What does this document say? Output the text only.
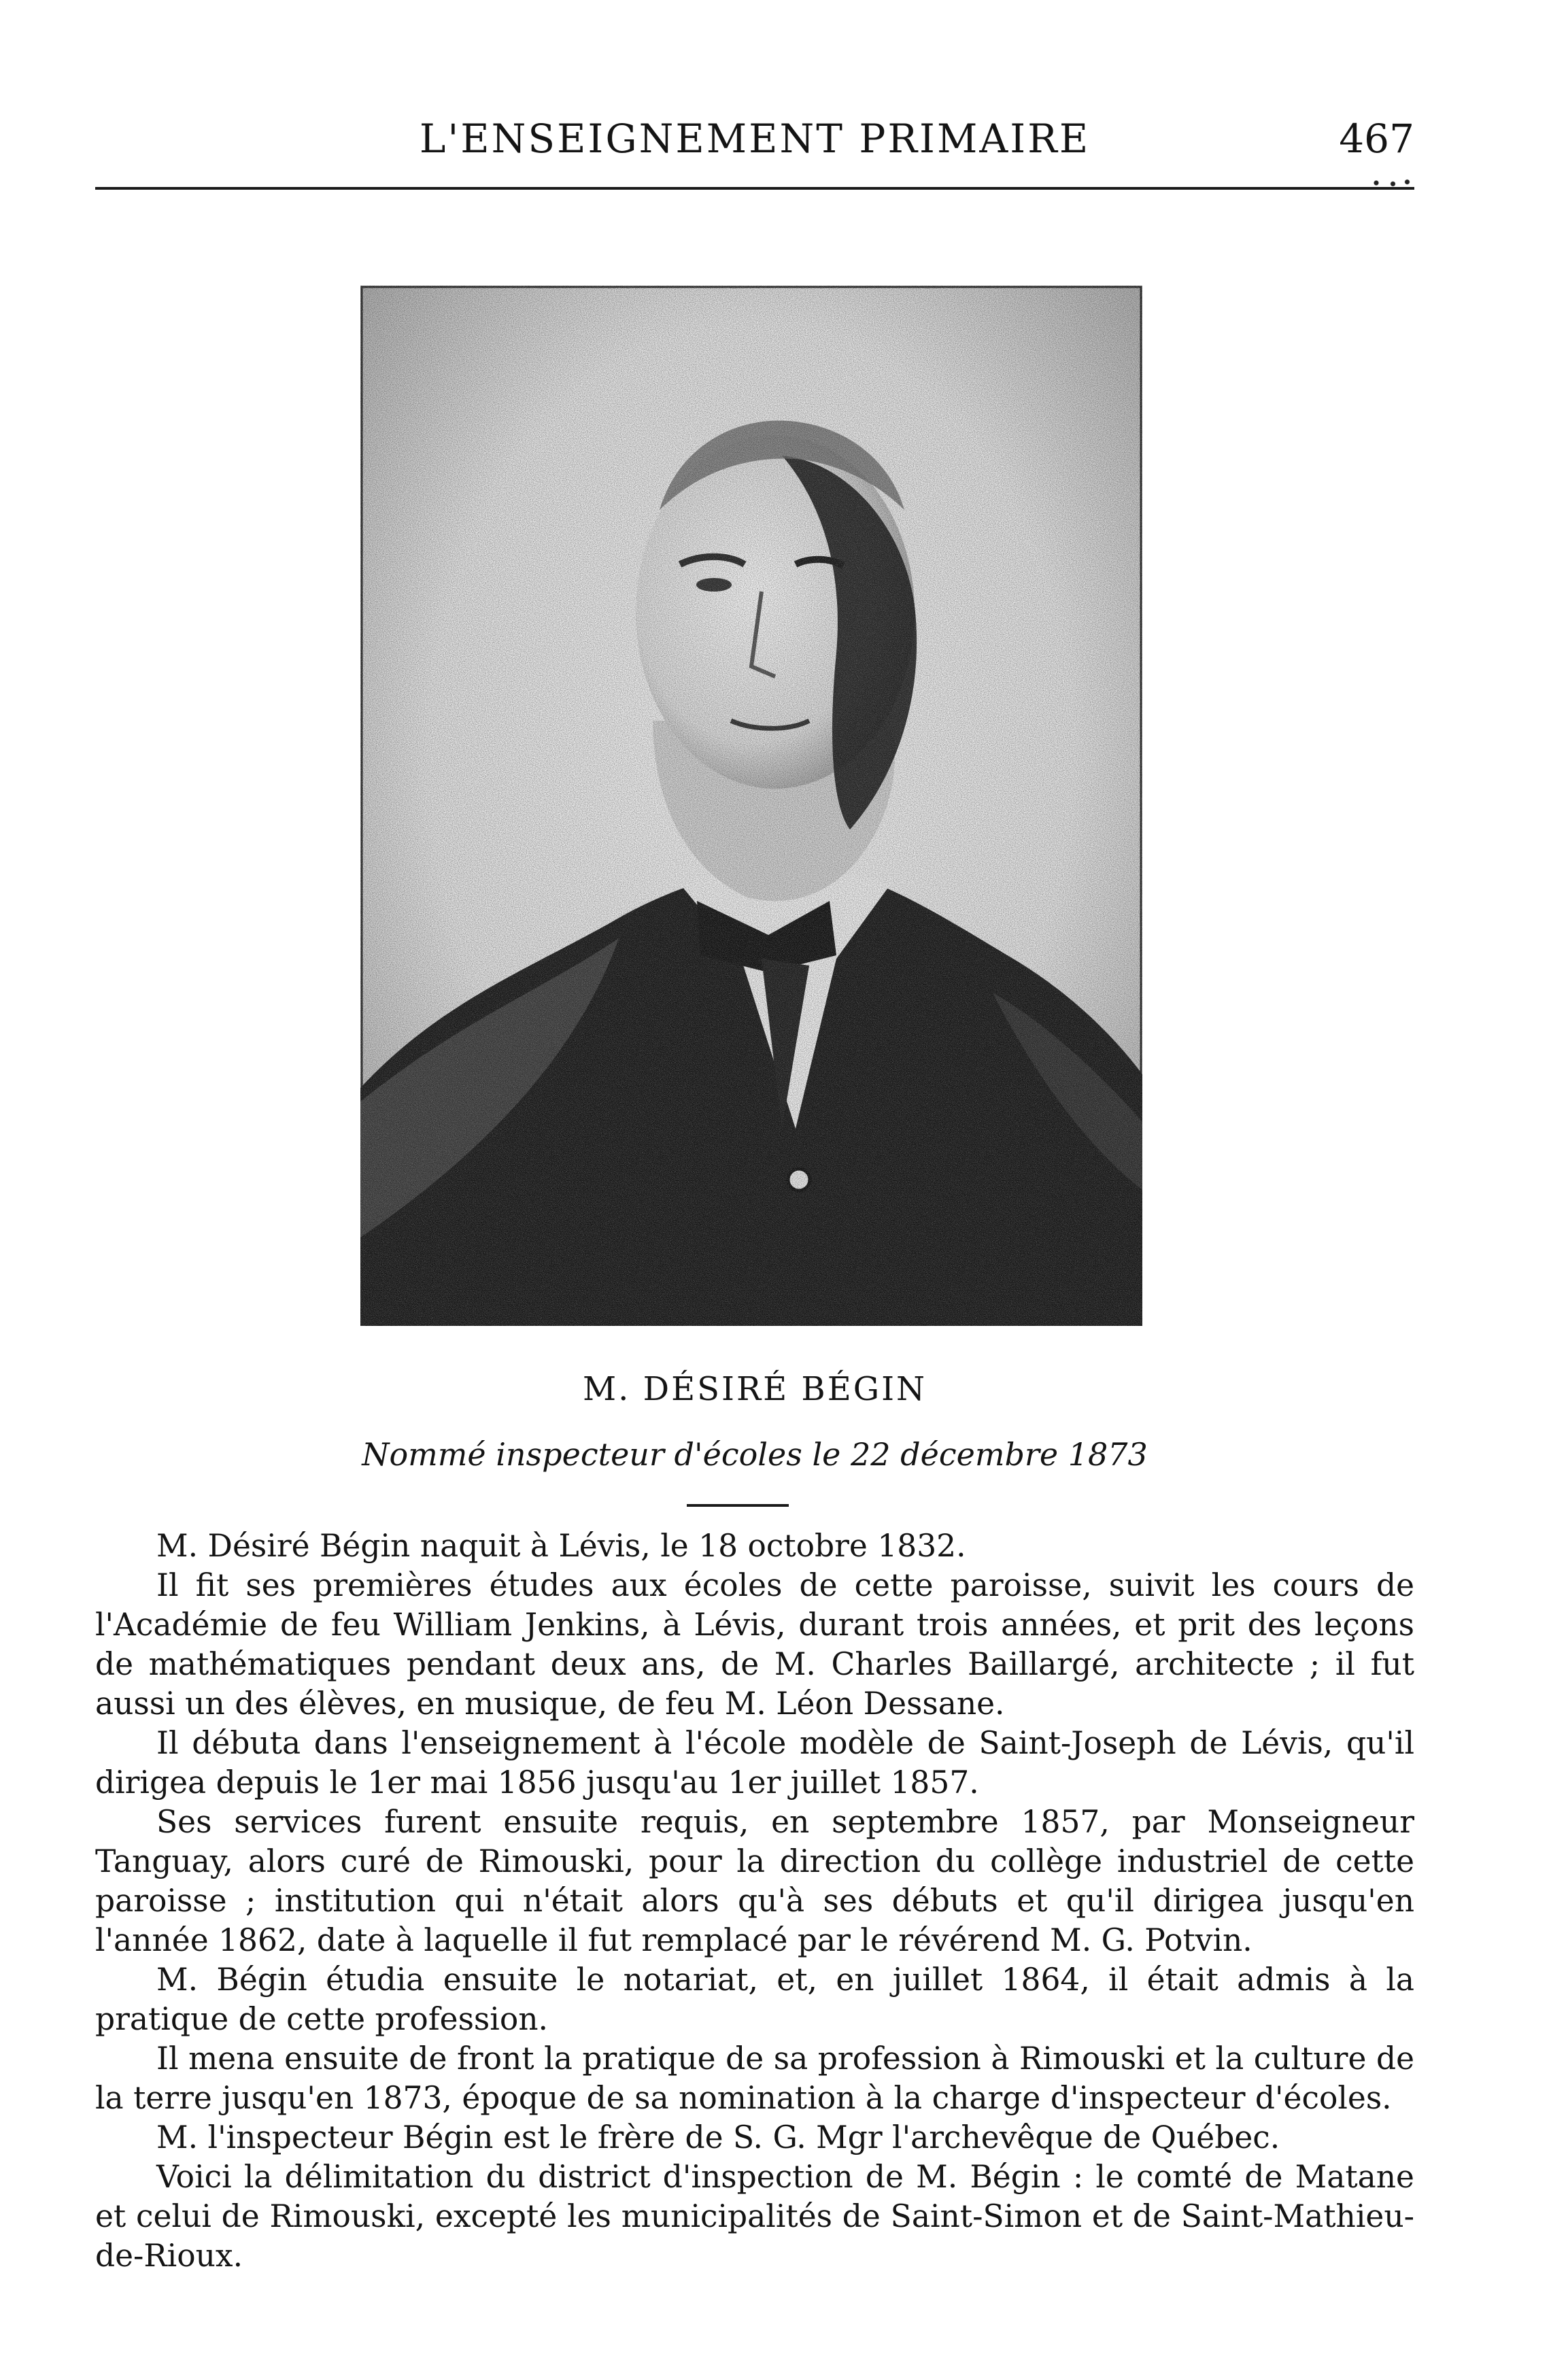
L'ENSEIGNEMENT PRIMAIRE	467
M. DÉSIRÉ BÉGIN
Nommé inspecteur d'écoles le 22 décembre 1873

M. Désiré Bégin naquit à Lévis, le 18 octobre 1832.

Il fit ses premières études aux écoles de cette paroisse, suivit les cours de l'Académie de feu William Jenkins, à Lévis, durant trois années, et prit des leçons de mathématiques pendant deux ans, de M. Charles Baillargé, architecte ; il fut aussi un des élèves, en musique, de feu M. Léon Dessane.

Il débuta dans l'enseignement à l'école modèle de Saint-Joseph de Lévis, qu'il dirigea depuis le 1er mai 1856 jusqu'au 1er juillet 1857.

Ses services furent ensuite requis, en septembre 1857, par Monseigneur Tanguay, alors curé de Rimouski, pour la direction du collège industriel de cette paroisse ; institution qui n'était alors qu'à ses débuts et qu'il dirigea jusqu'en l'année 1862, date à laquelle il fut remplacé par le révérend M. G. Potvin.

M. Bégin étudia ensuite le notariat, et, en juillet 1864, il était admis à la pratique de cette profession.

Il mena ensuite de front la pratique de sa profession à Rimouski et la culture de la terre jusqu'en 1873, époque de sa nomination à la charge d'inspecteur d'écoles.

M. l'inspecteur Bégin est le frère de S. G. Mgr l'archevêque de Québec.

Voici la délimitation du district d'inspection de M. Bégin : le comté de Matane et celui de Rimouski, excepté les municipalités de Saint-Simon et de Saint-Mathieu-de-Rioux.
